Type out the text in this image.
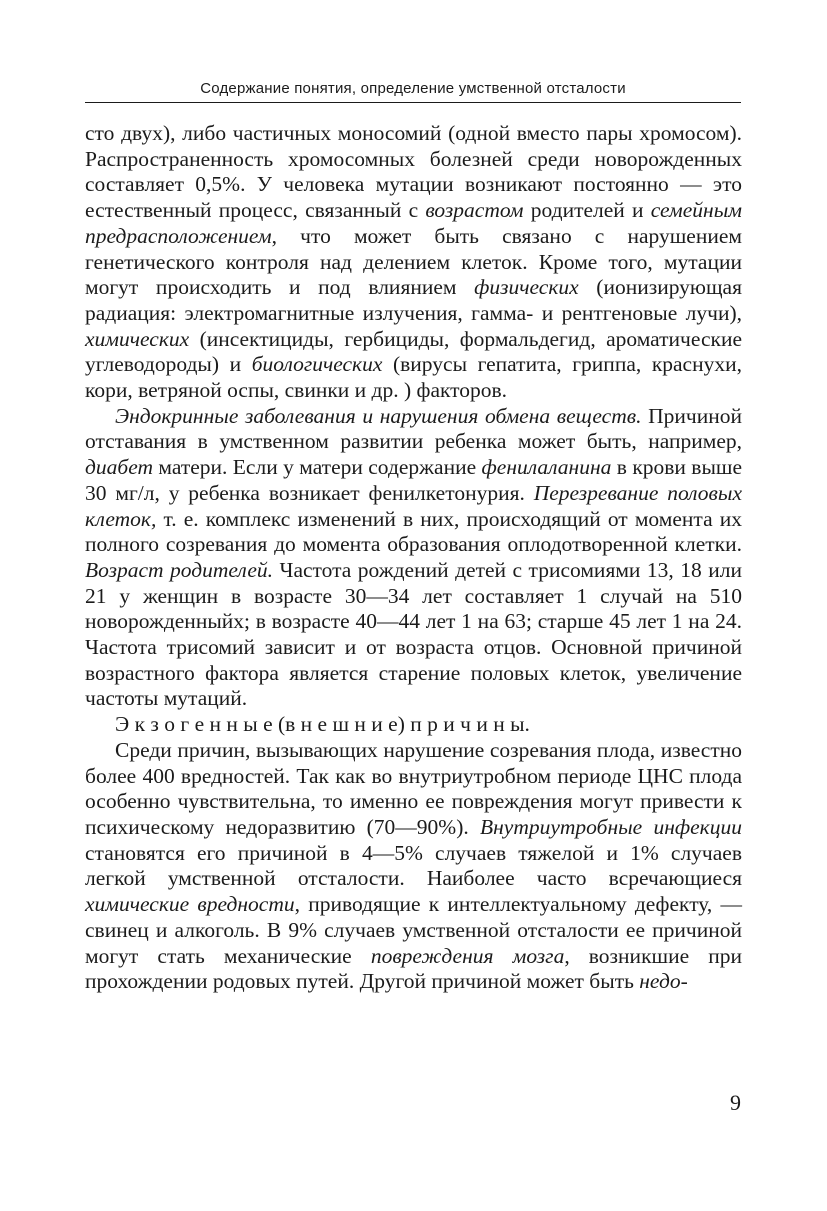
Содержание понятия, определение умственной отсталости

сто двух), либо частичных моносомий (одной вместо пары хромосом). Распространенность хромосомных болезней среди новорожденных составляет 0,5%. У человека мутации возникают постоянно — это естественный процесс, связанный с возрастом родителей и семейным предрасположением, что может быть связано с нарушением генетического контроля над делением клеток. Кроме того, мутации могут происходить и под влиянием физических (ионизирующая радиация: электромагнитные излучения, гамма- и рентгеновые лучи), химических (инсектициды, гербициды, формальдегид, ароматические углеводороды) и биологических (вирусы гепатита, гриппа, краснухи, кори, ветряной оспы, свинки и др. ) факторов.

Эндокринные заболевания и нарушения обмена веществ. Причиной отставания в умственном развитии ребенка может быть, например, диабет матери. Если у матери содержание фенилаланина в крови выше 30 мг/л, у ребенка возникает фенилкетонурия. Перезревание половых клеток, т. е. комплекс изменений в них, происходящий от момента их полного созревания до момента образования оплодотворенной клетки. Возраст родителей. Частота рождений детей с трисомиями 13, 18 или 21 у женщин в возрасте 30—34 лет составляет 1 случай на 510 новорожденныйх; в возрасте 40—44 лет 1 на 63; старше 45 лет 1 на 24. Частота трисомий зависит и от возраста отцов. Основной причиной возрастного фактора является старение половых клеток, увеличение частоты мутаций.

Э к з о г е н н ы е (в н е ш н и е) п р и ч и н ы.

Среди причин, вызывающих нарушение созревания плода, известно более 400 вредностей. Так как во внутриутробном периоде ЦНС плода особенно чувствительна, то именно ее повреждения могут привести к психическому недоразвитию (70—90%). Внутриутробные инфекции становятся его причиной в 4—5% случаев тяжелой и 1% случаев легкой умственной отсталости. Наиболее часто всречающиеся химические вредности, приводящие к интеллектуальному дефекту, — свинец и алкоголь. В 9% случаев умственной отсталости ее причиной могут стать механические повреждения мозга, возникшие при прохождении родовых путей. Другой причиной может быть недо-

9
